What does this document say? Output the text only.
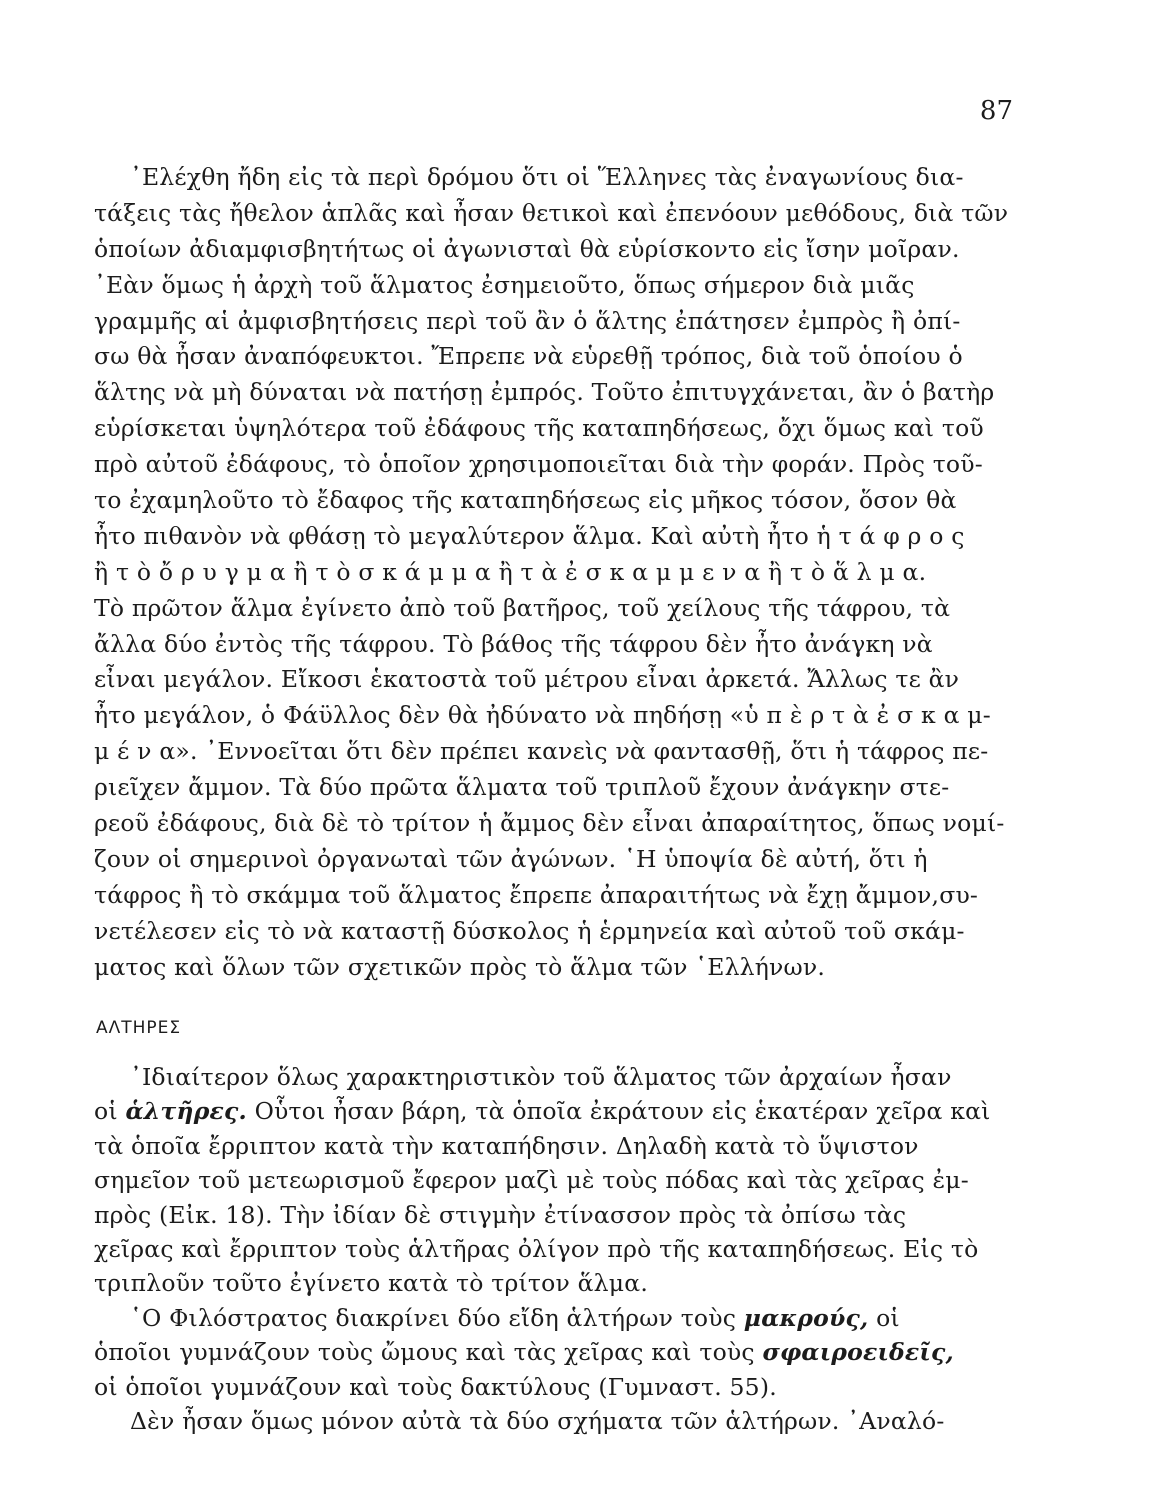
87
᾿Ελέχθη ἤδη εἰς τὰ περὶ δρόμου ὅτι οἱ Ἕλληνες τὰς ἐναγωνίους δια-
τάξεις τὰς ἤθελον ἁπλᾶς καὶ ἦσαν θετικοὶ καὶ ἐπενόουν μεθόδους, διὰ τῶν
ὁποίων ἀδιαμφισβητήτως οἱ ἀγωνισταὶ θὰ εὑρίσκοντο εἰς ἴσην μοῖραν.
᾿Εὰν ὅμως ἡ ἀρχὴ τοῦ ἅλματος ἐσημειοῦτο, ὅπως σήμερον διὰ μιᾶς
γραμμῆς αἱ ἀμφισβητήσεις περὶ τοῦ ἂν ὁ ἅλτης ἐπάτησεν ἐμπρὸς ἢ ὀπί-
σω θὰ ἦσαν ἀναπόφευκτοι. Ἔπρεπε νὰ εὑρεθῇ τρόπος, διὰ τοῦ ὁποίου ὁ
ἅλτης νὰ μὴ δύναται νὰ πατήσῃ ἐμπρός. Τοῦτο ἐπιτυγχάνεται, ἂν ὁ βατὴρ
εὑρίσκεται ὑψηλότερα τοῦ ἐδάφους τῆς καταπηδήσεως, ὄχι ὅμως καὶ τοῦ
πρὸ αὐτοῦ ἐδάφους, τὸ ὁποῖον χρησιμοποιεῖται διὰ τὴν φοράν. Πρὸς τοῦ-
το ἐχαμηλοῦτο τὸ ἔδαφος τῆς καταπηδήσεως εἰς μῆκος τόσον, ὅσον θὰ
ἦτο πιθανὸν νὰ φθάσῃ τὸ μεγαλύτερον ἅλμα. Καὶ αὐτὴ ἦτο ἡ τ ά φ ρ ο ς
ἢ τ ὸ ὄ ρ υ γ μ α ἢ τ ὸ σ κ ά μ μ α ἢ τ ὰ ἐ σ κ α μ μ ε ν α ἢ τ ὸ ἅ λ μ α.
Τὸ πρῶτον ἅλμα ἐγίνετο ἀπὸ τοῦ βατῆρος, τοῦ χείλους τῆς τάφρου, τὰ
ἄλλα δύο ἐντὸς τῆς τάφρου. Τὸ βάθος τῆς τάφρου δὲν ἦτο ἀνάγκη νὰ
εἶναι μεγάλον. Εἴκοσι ἑκατοστὰ τοῦ μέτρου εἶναι ἀρκετά. Ἄλλως τε ἂν
ἦτο μεγάλον, ὁ Φάϋλλος δὲν θὰ ἠδύνατο νὰ πηδήσῃ «ὑ π ὲ ρ τ ὰ ἐ σ κ α μ-
μ έ ν α». ᾿Εννοεῖται ὅτι δὲν πρέπει κανεὶς νὰ φαντασθῇ, ὅτι ἡ τάφρος πε-
ριεῖχεν ἄμμον. Τὰ δύο πρῶτα ἅλματα τοῦ τριπλοῦ ἔχουν ἀνάγκην στε-
ρεοῦ ἐδάφους, διὰ δὲ τὸ τρίτον ἡ ἄμμος δὲν εἶναι ἀπαραίτητος, ὅπως νομί-
ζουν οἱ σημερινοὶ ὀργανωταὶ τῶν ἀγώνων. ῾Η ὑποψία δὲ αὐτή, ὅτι ἡ
τάφρος ἢ τὸ σκάμμα τοῦ ἅλματος ἔπρεπε ἀπαραιτήτως νὰ ἔχῃ ἄμμον,συ-
νετέλεσεν εἰς τὸ νὰ καταστῇ δύσκολος ἡ ἑρμηνεία καὶ αὐτοῦ τοῦ σκάμ-
ματος καὶ ὅλων τῶν σχετικῶν πρὸς τὸ ἅλμα τῶν ῾Ελλήνων.
ΑΛΤΗΡΕΣ
᾿Ιδιαίτερον ὅλως χαρακτηριστικὸν τοῦ ἅλματος τῶν ἀρχαίων ἦσαν
οἱ ἁλτῆρες. Οὗτοι ἦσαν βάρη, τὰ ὁποῖα ἐκράτουν εἰς ἑκατέραν χεῖρα καὶ
τὰ ὁποῖα ἔρριπτον κατὰ τὴν καταπήδησιν. Δηλαδὴ κατὰ τὸ ὕψιστον
σημεῖον τοῦ μετεωρισμοῦ ἔφερον μαζὶ μὲ τοὺς πόδας καὶ τὰς χεῖρας ἐμ-
πρὸς (Εἰκ. 18). Τὴν ἰδίαν δὲ στιγμὴν ἐτίνασσον πρὸς τὰ ὀπίσω τὰς
χεῖρας καὶ ἔρριπτον τοὺς ἁλτῆρας ὀλίγον πρὸ τῆς καταπηδήσεως. Εἰς τὸ
τριπλοῦν τοῦτο ἐγίνετο κατὰ τὸ τρίτον ἅλμα.
῾Ο Φιλόστρατος διακρίνει δύο εἴδη ἁλτήρων τοὺς μακρούς, οἱ
ὁποῖοι γυμνάζουν τοὺς ὤμους καὶ τὰς χεῖρας καὶ τοὺς σφαιροειδεῖς,
οἱ ὁποῖοι γυμνάζουν καὶ τοὺς δακτύλους (Γυμναστ. 55).
Δὲν ἦσαν ὅμως μόνον αὐτὰ τὰ δύο σχήματα τῶν ἁλτήρων. ᾿Αναλό-
